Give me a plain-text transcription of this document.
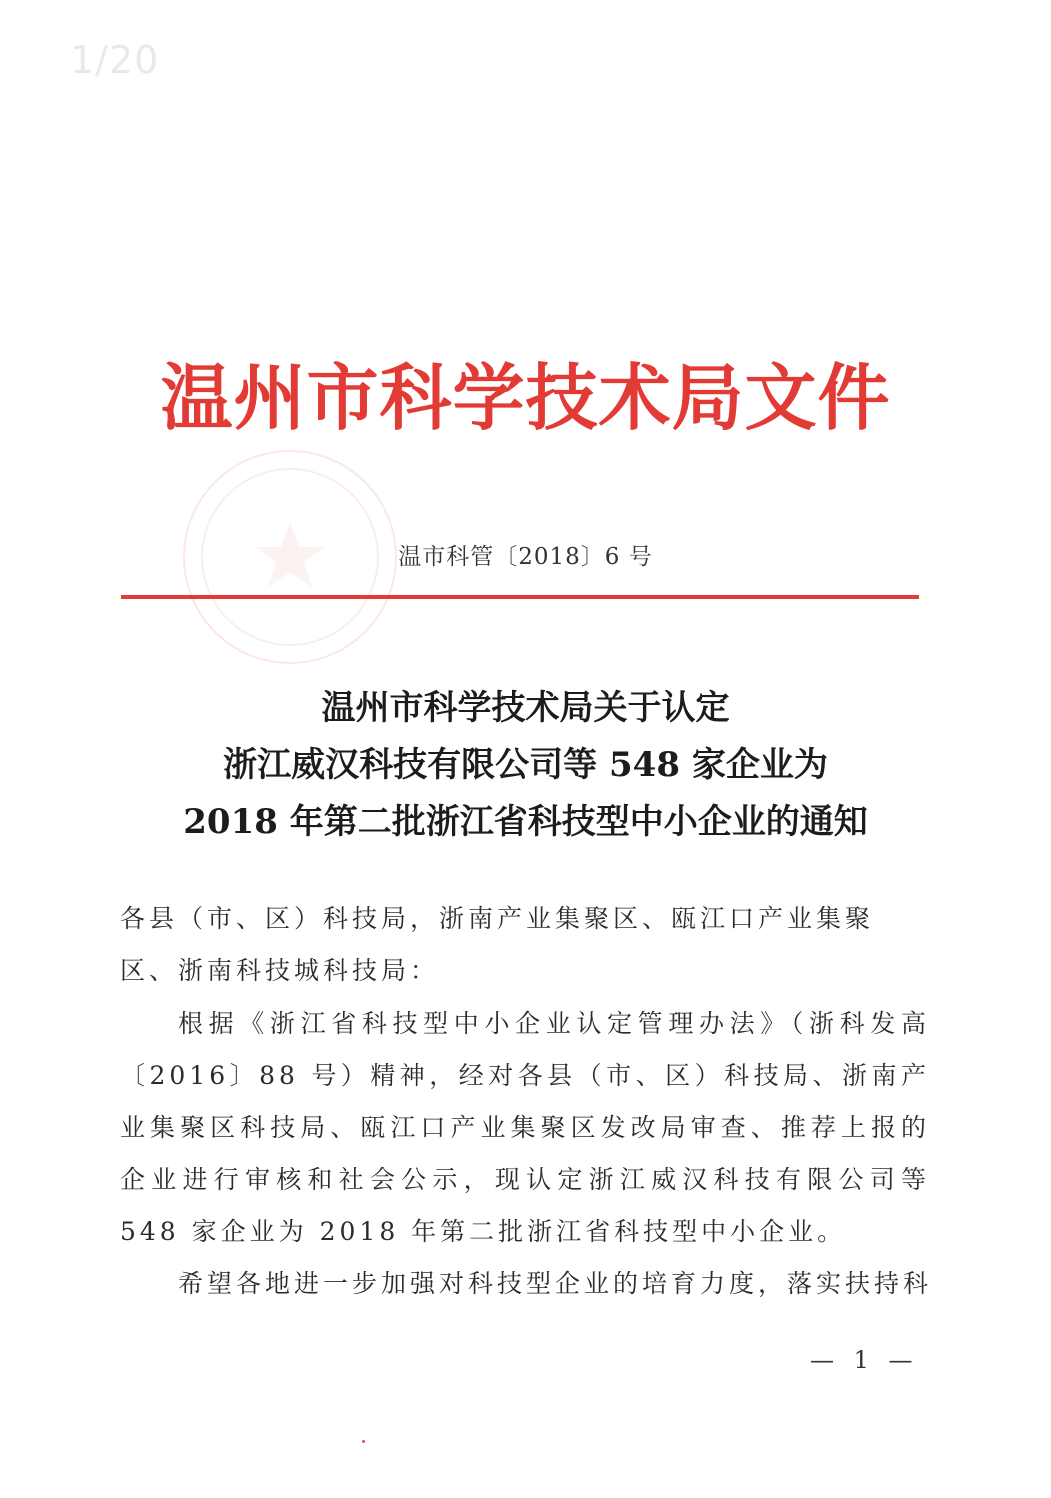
1/20
温州市科学技术局文件
温市科管〔2018〕6 号
温州市科学技术局关于认定
浙江威汉科技有限公司等 548 家企业为
2018 年第二批浙江省科技型中小企业的通知
各县（市、区）科技局，浙南产业集聚区、瓯江口产业集聚区、浙南科技城科技局：
根据《浙江省科技型中小企业认定管理办法》（浙科发高〔2016〕88 号）精神，经对各县（市、区）科技局、浙南产业集聚区科技局、瓯江口产业集聚区发改局审查、推荐上报的企业进行审核和社会公示，现认定浙江威汉科技有限公司等 548 家企业为 2018 年第二批浙江省科技型中小企业。
希望各地进一步加强对科技型企业的培育力度，落实扶持科
— 1 —
